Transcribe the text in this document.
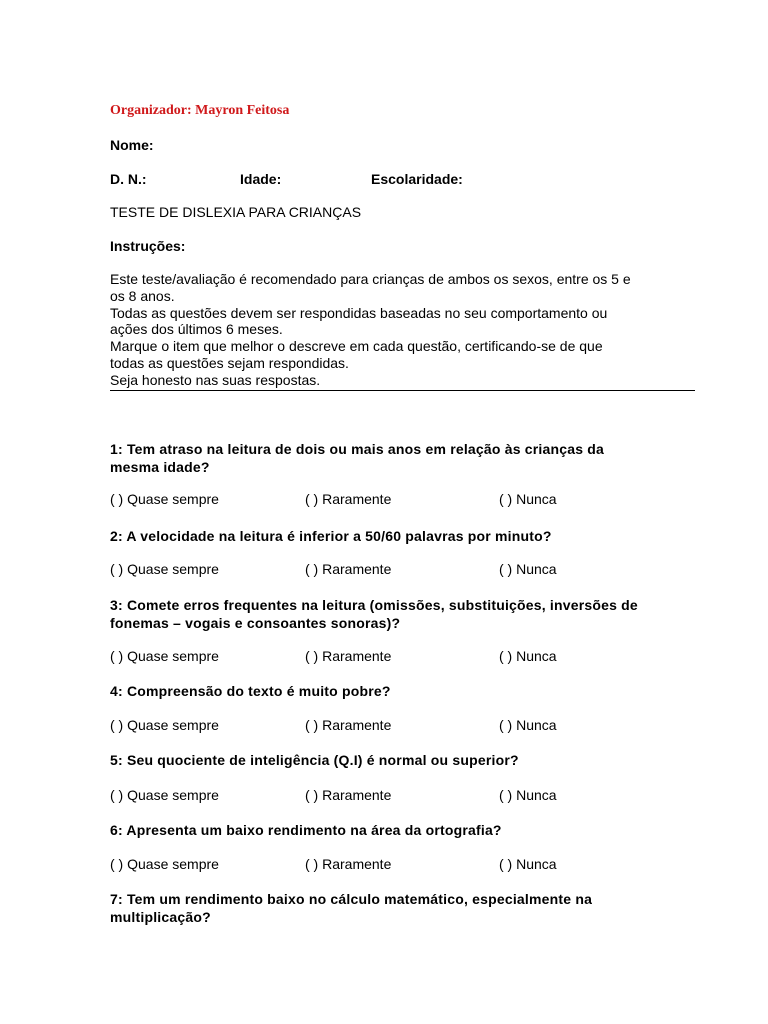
Organizador: Mayron Feitosa
Nome:
D. N.:	Idade:	Escolaridade:
TESTE DE DISLEXIA PARA CRIANÇAS
Instruções:
Este teste/avaliação é recomendado para crianças de ambos os sexos, entre os 5 e
os 8 anos.
Todas as questões devem ser respondidas baseadas no seu comportamento ou
ações dos últimos 6 meses.
Marque o item que melhor o descreve em cada questão, certificando-se de que
todas as questões sejam respondidas.
Seja honesto nas suas respostas.
1: Tem atraso na leitura de dois ou mais anos em relação às crianças da
mesma idade?
( ) Quase sempre	( ) Raramente	( ) Nunca
2: A velocidade na leitura é inferior a 50/60 palavras por minuto?
( ) Quase sempre	( ) Raramente	( ) Nunca
3: Comete erros frequentes na leitura (omissões, substituições, inversões de
fonemas – vogais e consoantes sonoras)?
( ) Quase sempre	( ) Raramente	( ) Nunca
4: Compreensão do texto é muito pobre?
( ) Quase sempre	( ) Raramente	( ) Nunca
5: Seu quociente de inteligência (Q.I) é normal ou superior?
( ) Quase sempre	( ) Raramente	( ) Nunca
6: Apresenta um baixo rendimento na área da ortografia?
( ) Quase sempre	( ) Raramente	( ) Nunca
7: Tem um rendimento baixo no cálculo matemático, especialmente na
multiplicação?
